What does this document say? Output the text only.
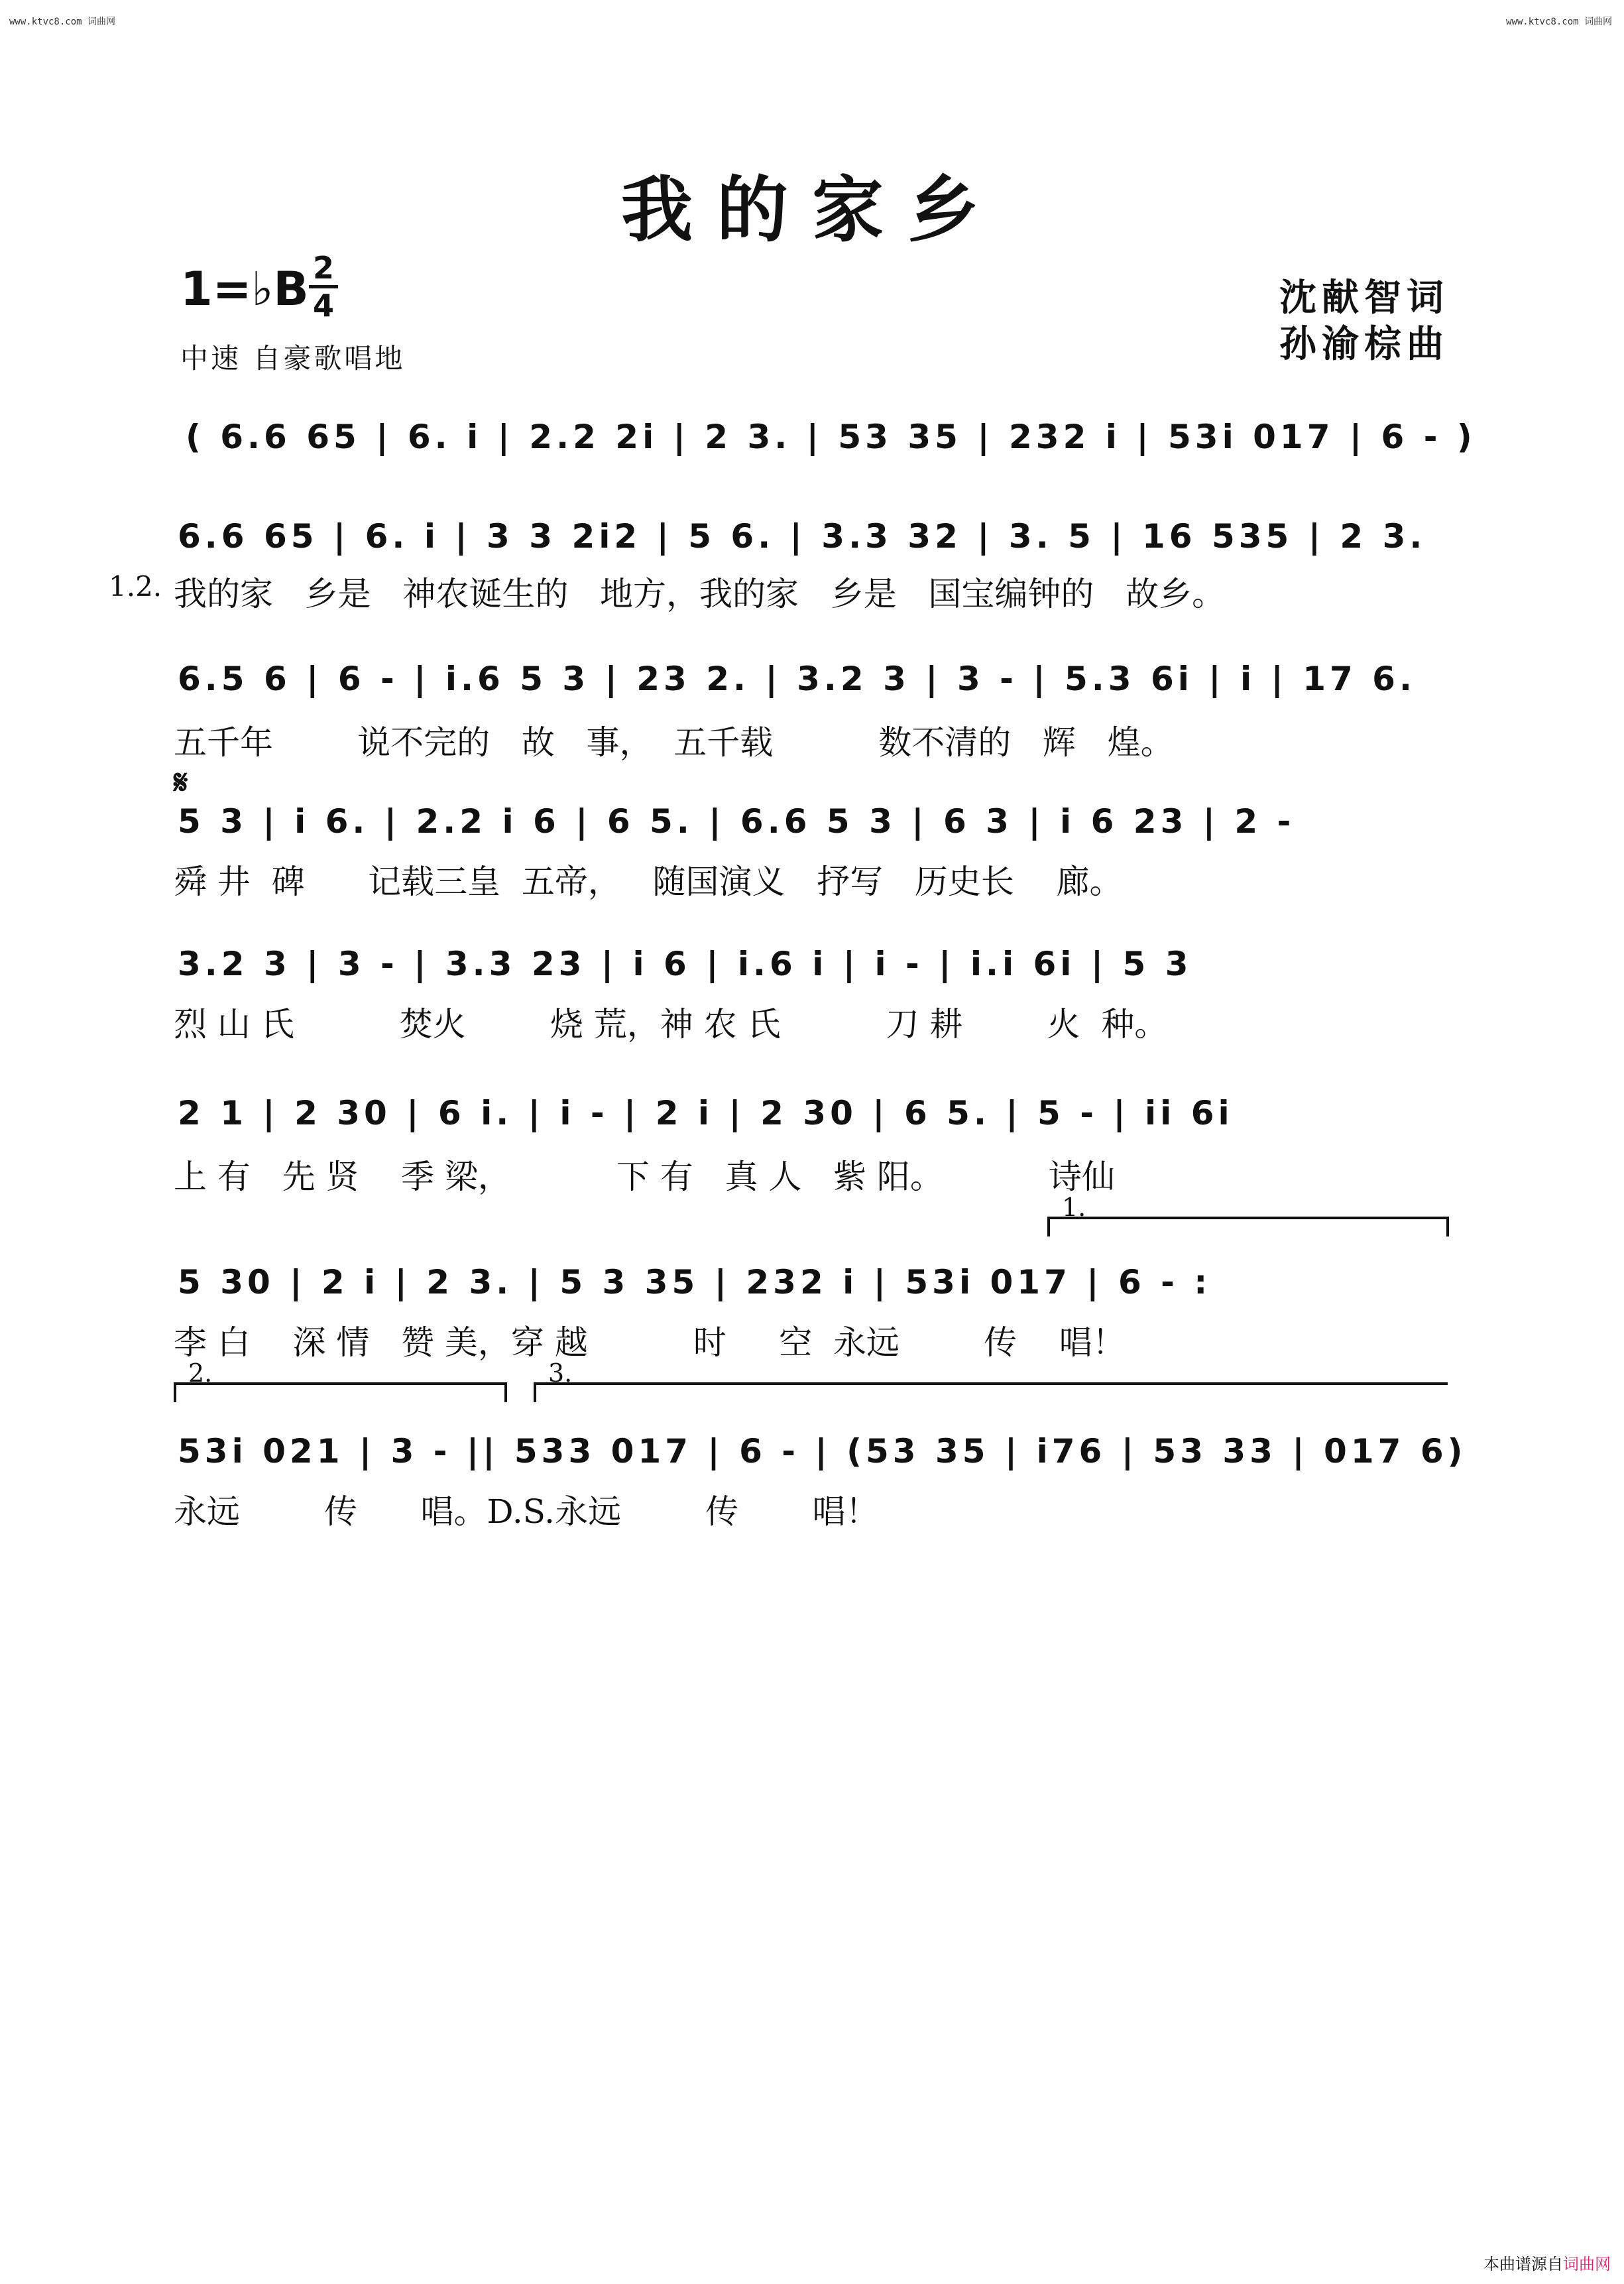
www.ktvc8.com 词曲网	www.ktvc8.com 词曲网
我的家乡
1=♭B 2
4
中速 自豪歌唱地
沈献智词
孙渝棕曲
( 6.6 65 | 6. i | 2.2 2i | 2 3. | 53 35 | 232 i | 53i 017 | 6 - )
6.6 65 | 6. i | 3 3 2i2 | 5 6. | 3.3 32 | 3. 5 | 16 535 | 2 3.
1.2. 我的家   乡是   神农诞生的   地方，我的家   乡是   国宝编钟的   故乡。
6.5 6 | 6 - | i.6 5 3 | 23 2. | 3.2 3 | 3 - | 5.3 6i | i | 17 6.
五千年        说不完的   故   事，  五千载          数不清的   辉   煌。
𝄋
5 3 | i 6. | 2.2 i 6 | 6 5. | 6.6 5 3 | 6 3 | i 6 23 | 2 -
舜 井  碑      记载三皇  五帝，   随国演义   抒写   历史长    廊。
3.2 3 | 3 - | 3.3 23 | i 6 | i.6 i | i - | i.i 6i | 5 3
烈 山 氏          焚火        烧 荒，神 农 氏          刀 耕        火  种。
2 1 | 2 30 | 6 i. | i - | 2 i | 2 30 | 6 5. | 5 - | ii 6i
上 有   先 贤    季 梁，          下 有   真 人   紫 阳。          诗仙
1.
5 30 | 2 i | 2 3. | 5 3 35 | 232 i | 53i 017 | 6 - :
李 白    深 情   赞 美，穿 越          时     空  永远        传    唱！
2.	3.
53i 021 | 3 - || 533 017 | 6 - | (53 35 | i76 | 53 33 | 017 6)
永远        传      唱。D.S.永远        传       唱！
本曲谱源自词曲网
